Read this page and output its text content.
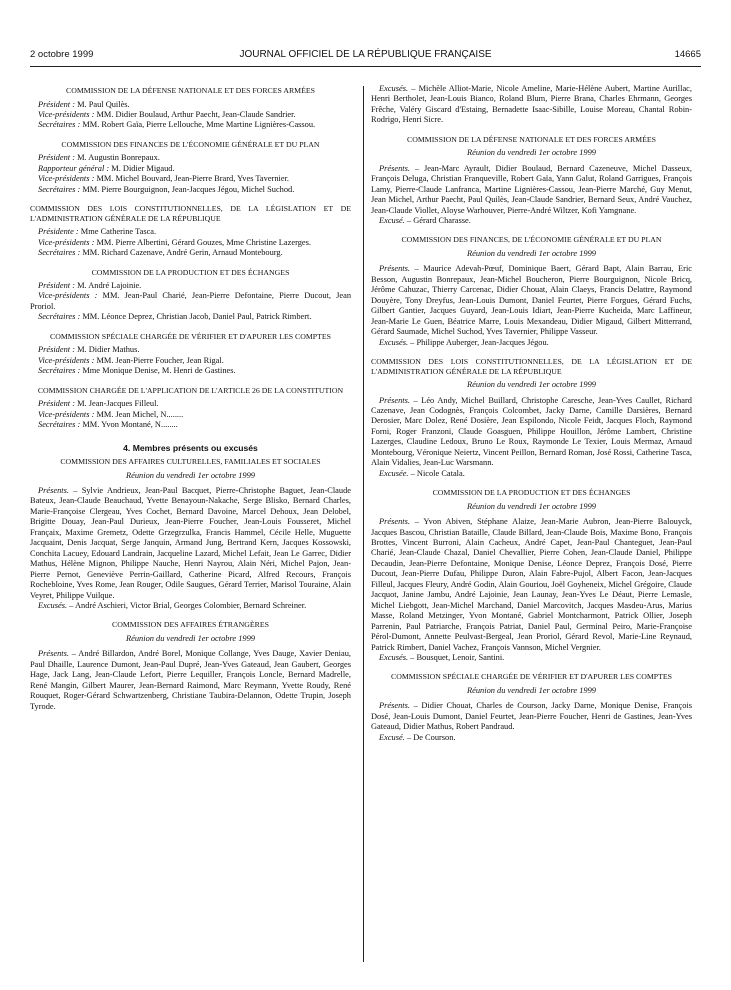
2 octobre 1999	JOURNAL OFFICIEL DE LA RÉPUBLIQUE FRANÇAISE	14665
COMMISSION DE LA DÉFENSE NATIONALE ET DES FORCES ARMÉES
Président : M. Paul Quilès.
Vice-présidents : MM. Didier Boulaud, Arthur Paecht, Jean-Claude Sandrier.
Secrétaires : MM. Robert Gaïa, Pierre Lellouche, Mme Martine Lignières-Cassou.
COMMISSION DES FINANCES DE L'ÉCONOMIE GÉNÉRALE ET DU PLAN
Président : M. Augustin Bonrepaux.
Rapporteur général : M. Didier Migaud.
Vice-présidents : MM. Michel Bouvard, Jean-Pierre Brard, Yves Tavernier.
Secrétaires : MM. Pierre Bourguignon, Jean-Jacques Jégou, Michel Suchod.
COMMISSION DES LOIS CONSTITUTIONNELLES, DE LA LÉGISLATION ET DE L'ADMINISTRATION GÉNÉRALE DE LA RÉPUBLIQUE
Présidente : Mme Catherine Tasca.
Vice-présidents : MM. Pierre Albertini, Gérard Gouzes, Mme Christine Lazerges.
Secrétaires : MM. Richard Cazenave, André Gerin, Arnaud Montebourg.
COMMISSION DE LA PRODUCTION ET DES ÉCHANGES
Président : M. André Lajoinie.
Vice-présidents : MM. Jean-Paul Charié, Jean-Pierre Defontaine, Pierre Ducout, Jean Proriol.
Secrétaires : MM. Léonce Deprez, Christian Jacob, Daniel Paul, Patrick Rimbert.
COMMISSION SPÉCIALE CHARGÉE DE VÉRIFIER ET D'APURER LES COMPTES
Président : M. Didier Mathus.
Vice-présidents : MM. Jean-Pierre Foucher, Jean Rigal.
Secrétaires : Mme Monique Denise, M. Henri de Gastines.
COMMISSION CHARGÉE DE L'APPLICATION DE L'ARTICLE 26 DE LA CONSTITUTION
Président : M. Jean-Jacques Filleul.
Vice-présidents : MM. Jean Michel, N........
Secrétaires : MM. Yvon Montané, N........
4. Membres présents ou excusés
COMMISSION DES AFFAIRES CULTURELLES, FAMILIALES ET SOCIALES
Réunion du vendredi 1er octobre 1999
Présents. – Sylvie Andrieux, Jean-Paul Bacquet, Pierre-Christophe Baguet, Jean-Claude Bateux, Jean-Claude Beauchaud, Yvette Benayoun-Nakache, Serge Blisko, Bernard Charles, Marie-Françoise Clergeau, Yves Cochet, Bernard Davoine, Marcel Dehoux, Jean Delobel, Brigitte Douay, Jean-Paul Durieux, Jean-Pierre Foucher, Jean-Louis Fousseret, Michel Françaix, Maxime Gremetz, Odette Grzegrzulka, Francis Hammel, Cécile Helle, Muguette Jacquaint, Denis Jacquat, Serge Janquin, Armand Jung, Bertrand Kern, Jacques Kossowski, Conchita Lacuey, Edouard Landrain, Jacqueline Lazard, Michel Lefait, Jean Le Garrec, Didier Mathus, Hélène Mignon, Philippe Nauche, Henri Nayrou, Alain Néri, Michel Pajon, Jean-Pierre Pernot, Geneviève Perrin-Gaillard, Catherine Picard, Alfred Recours, François Rochebloine, Yves Rome, Jean Rouger, Odile Saugues, Gérard Terrier, Marisol Touraine, Alain Veyret, Philippe Vuilque.
Excusés. – André Aschieri, Victor Brial, Georges Colombier, Bernard Schreiner.
COMMISSION DES AFFAIRES ÉTRANGÈRES
Réunion du vendredi 1er octobre 1999
Présents. – André Billardon, André Borel, Monique Collange, Yves Dauge, Xavier Deniau, Paul Dhaille, Laurence Dumont, Jean-Paul Dupré, Jean-Yves Gateaud, Jean Gaubert, Georges Hage, Jack Lang, Jean-Claude Lefort, Pierre Lequiller, François Loncle, Bernard Madrelle, René Mangin, Gilbert Maurer, Jean-Bernard Raimond, Marc Reymann, Yvette Roudy, René Rouquet, Roger-Gérard Schwartzenberg, Christiane Taubira-Delannon, Odette Trupin, Joseph Tyrode.
Excusés. – Michèle Alliot-Marie, Nicole Ameline, Marie-Hélène Aubert, Martine Aurillac, Henri Bertholet, Jean-Louis Bianco, Roland Blum, Pierre Brana, Charles Ehrmann, Georges Frêche, Valéry Giscard d'Estaing, Bernadette Isaac-Sibille, Louise Moreau, Chantal Robin-Rodrigo, Henri Sicre.
COMMISSION DE LA DÉFENSE NATIONALE ET DES FORCES ARMÉES
Réunion du vendredi 1er octobre 1999
Présents. – Jean-Marc Ayrault, Didier Boulaud, Bernard Cazeneuve, Michel Dasseux, François Deluga, Christian Franqueville, Robert Gaïa, Yann Galut, Roland Garrigues, François Lamy, Pierre-Claude Lanfranca, Martine Lignières-Cassou, Jean-Pierre Marché, Guy Menut, Jean Michel, Arthur Paecht, Paul Quilès, Jean-Claude Sandrier, Bernard Seux, André Vauchez, Jean-Claude Viollet, Aloyse Warhouver, Pierre-André Wiltzer, Kofi Yamgnane.
Excusé. – Gérard Charasse.
COMMISSION DES FINANCES, DE L'ÉCONOMIE GÉNÉRALE ET DU PLAN
Réunion du vendredi 1er octobre 1999
Présents. – Maurice Adevah-Pœuf, Dominique Baert, Gérard Bapt, Alain Barrau, Eric Besson, Augustin Bonrepaux, Jean-Michel Boucheron, Pierre Bourguignon, Nicole Bricq, Jérôme Cahuzac, Thierry Carcenac, Didier Chouat, Alain Claeys, Francis Delattre, Raymond Douyère, Tony Dreyfus, Jean-Louis Dumont, Daniel Feurtet, Pierre Forgues, Gérard Fuchs, Gilbert Gantier, Jacques Guyard, Jean-Louis Idiart, Jean-Pierre Kucheida, Marc Laffineur, Jean-Marie Le Guen, Béatrice Marre, Louis Mexandeau, Didier Migaud, Gilbert Mitterrand, Gérard Saumade, Michel Suchod, Yves Tavernier, Philippe Vasseur.
Excusés. – Philippe Auberger, Jean-Jacques Jégou.
COMMISSION DES LOIS CONSTITUTIONNELLES, DE LA LÉGISLATION ET DE L'ADMINISTRATION GÉNÉRALE DE LA RÉPUBLIQUE
Réunion du vendredi 1er octobre 1999
Présents. – Léo Andy, Michel Buillard, Christophe Caresche, Jean-Yves Caullet, Richard Cazenave, Jean Codognès, François Colcombet, Jacky Darne, Camille Darsières, Bernard Derosier, Marc Dolez, René Dosière, Jean Espilondo, Nicole Feidt, Jacques Floch, Raymond Forni, Roger Franzoni, Claude Goasguen, Philippe Houillon, Jérôme Lambert, Christine Lazerges, Claudine Ledoux, Bruno Le Roux, Raymonde Le Texier, Louis Mermaz, Arnaud Montebourg, Véronique Neiertz, Vincent Peillon, Bernard Roman, José Rossi, Catherine Tasca, Alain Vidalies, Jean-Luc Warsmann.
Excusée. – Nicole Catala.
COMMISSION DE LA PRODUCTION ET DES ÉCHANGES
Réunion du vendredi 1er octobre 1999
Présents. – Yvon Abiven, Stéphane Alaize, Jean-Marie Aubron, Jean-Pierre Balouyck, Jacques Bascou, Christian Bataille, Claude Billard, Jean-Claude Bois, Maxime Bono, François Brottes, Vincent Burroni, Alain Cacheux, André Capet, Jean-Paul Chanteguet, Jean-Paul Charié, Jean-Claude Chazal, Daniel Chevallier, Pierre Cohen, Jean-Claude Daniel, Philippe Decaudin, Jean-Pierre Defontaine, Monique Denise, Léonce Deprez, François Dosé, Pierre Ducout, Jean-Pierre Dufau, Philippe Duron, Alain Fabre-Pujol, Albert Facon, Jean-Jacques Filleul, Jacques Fleury, André Godin, Alain Gouriou, Joël Goyheneix, Michel Grégoire, Claude Jacquot, Janine Jambu, André Lajoinie, Jean Launay, Jean-Yves Le Déaut, Pierre Lemasle, Michel Liebgott, Jean-Michel Marchand, Daniel Marcovitch, Jacques Masdeu-Arus, Marius Masse, Roland Metzinger, Yvon Montané, Gabriel Montcharmont, Patrick Ollier, Joseph Parrenin, Paul Patriarche, François Patriat, Daniel Paul, Germinal Peiro, Marie-Françoise Pérol-Dumont, Annette Peulvast-Bergeal, Jean Proriol, Gérard Revol, Marie-Line Reynaud, Patrick Rimbert, Daniel Vachez, François Vannson, Michel Vergnier.
Excusés. – Bousquet, Lenoir, Santini.
COMMISSION SPÉCIALE CHARGÉE DE VÉRIFIER ET D'APURER LES COMPTES
Réunion du vendredi 1er octobre 1999
Présents. – Didier Chouat, Charles de Courson, Jacky Darne, Monique Denise, François Dosé, Jean-Louis Dumont, Daniel Feurtet, Jean-Pierre Foucher, Henri de Gastines, Jean-Yves Gateaud, Didier Mathus, Robert Pandraud.
Excusé. – De Courson.
